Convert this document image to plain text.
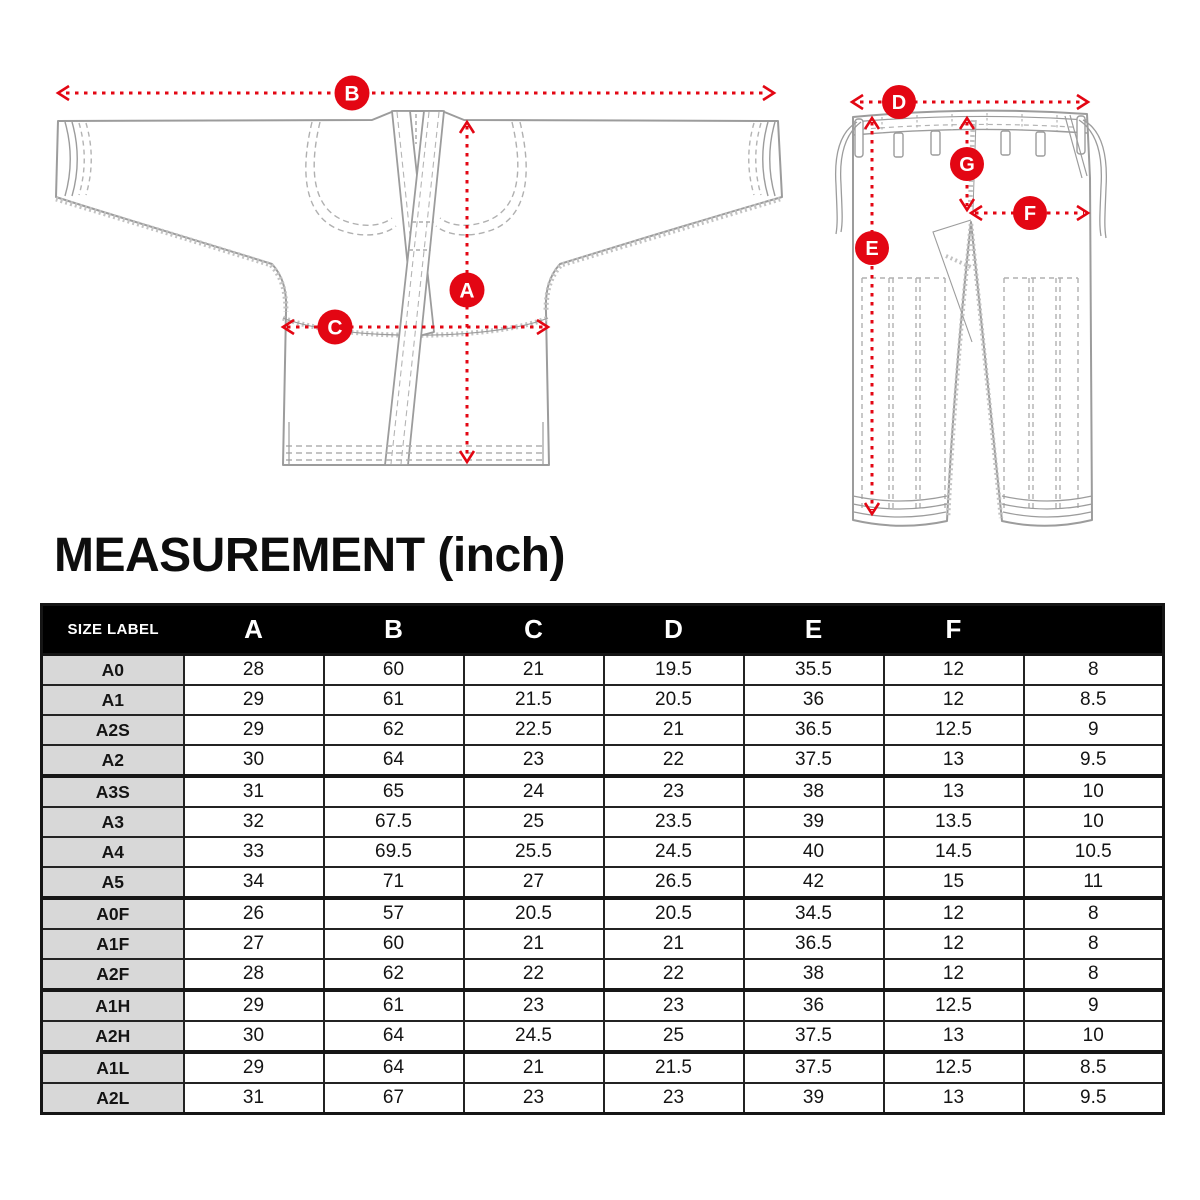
B
A
C
D
G
F
E
MEASUREMENT (inch)
SIZE LABEL	A	B	C	D	E	F	
A0	28	60	21	19.5	35.5	12	8
A1	29	61	21.5	20.5	36	12	8.5
A2S	29	62	22.5	21	36.5	12.5	9
A2	30	64	23	22	37.5	13	9.5
A3S	31	65	24	23	38	13	10
A3	32	67.5	25	23.5	39	13.5	10
A4	33	69.5	25.5	24.5	40	14.5	10.5
A5	34	71	27	26.5	42	15	11
A0F	26	57	20.5	20.5	34.5	12	8
A1F	27	60	21	21	36.5	12	8
A2F	28	62	22	22	38	12	8
A1H	29	61	23	23	36	12.5	9
A2H	30	64	24.5	25	37.5	13	10
A1L	29	64	21	21.5	37.5	12.5	8.5
A2L	31	67	23	23	39	13	9.5
